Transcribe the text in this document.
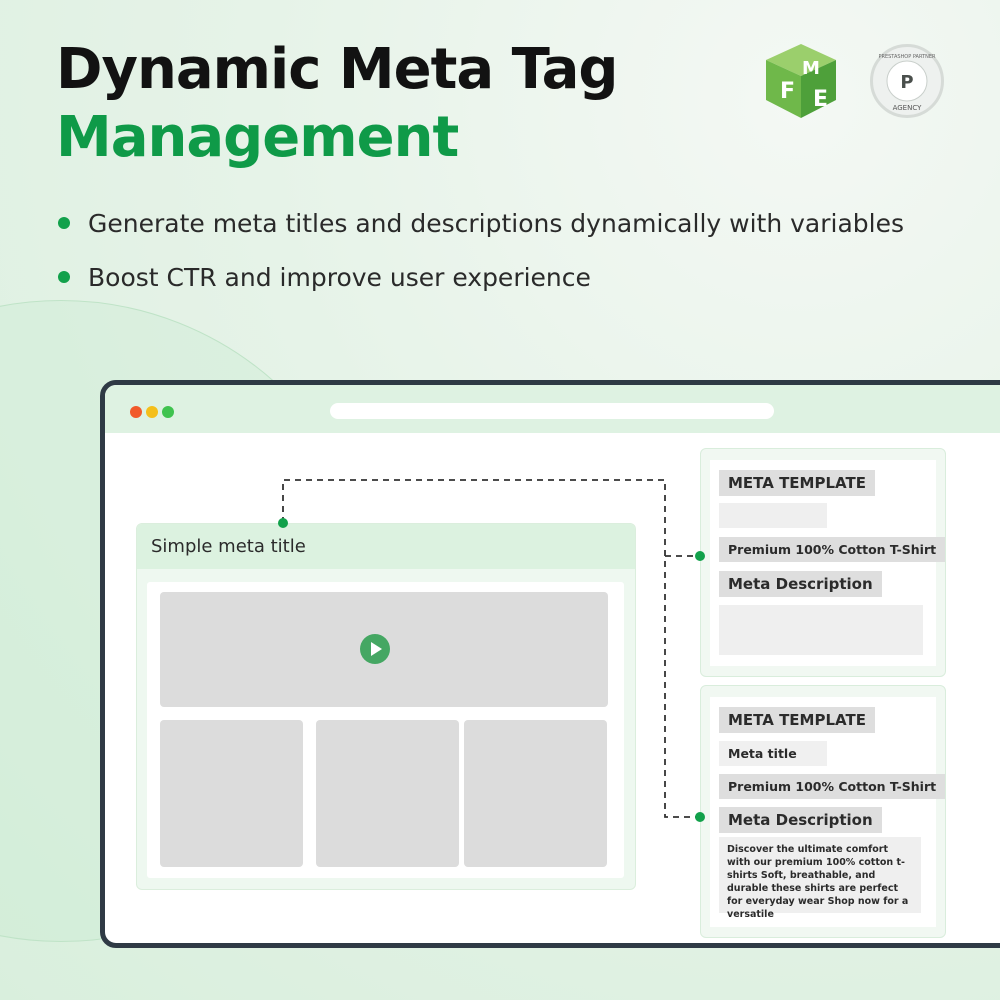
Dynamic Meta Tag
Management
Generate meta titles and descriptions dynamically with variables
Boost CTR and improve user experience
F
M
E
P
PRESTASHOP PARTNER
AGENCY
Simple meta title
META TEMPLATE
Premium 100% Cotton T-Shirt
Meta Description
META TEMPLATE
Meta title
Premium 100% Cotton T-Shirt
Meta Description
Discover the ultimate comfort with our premium 100% cotton t-shirts Soft, breathable, and durable these shirts are perfect for everyday wear Shop now for a versatile
